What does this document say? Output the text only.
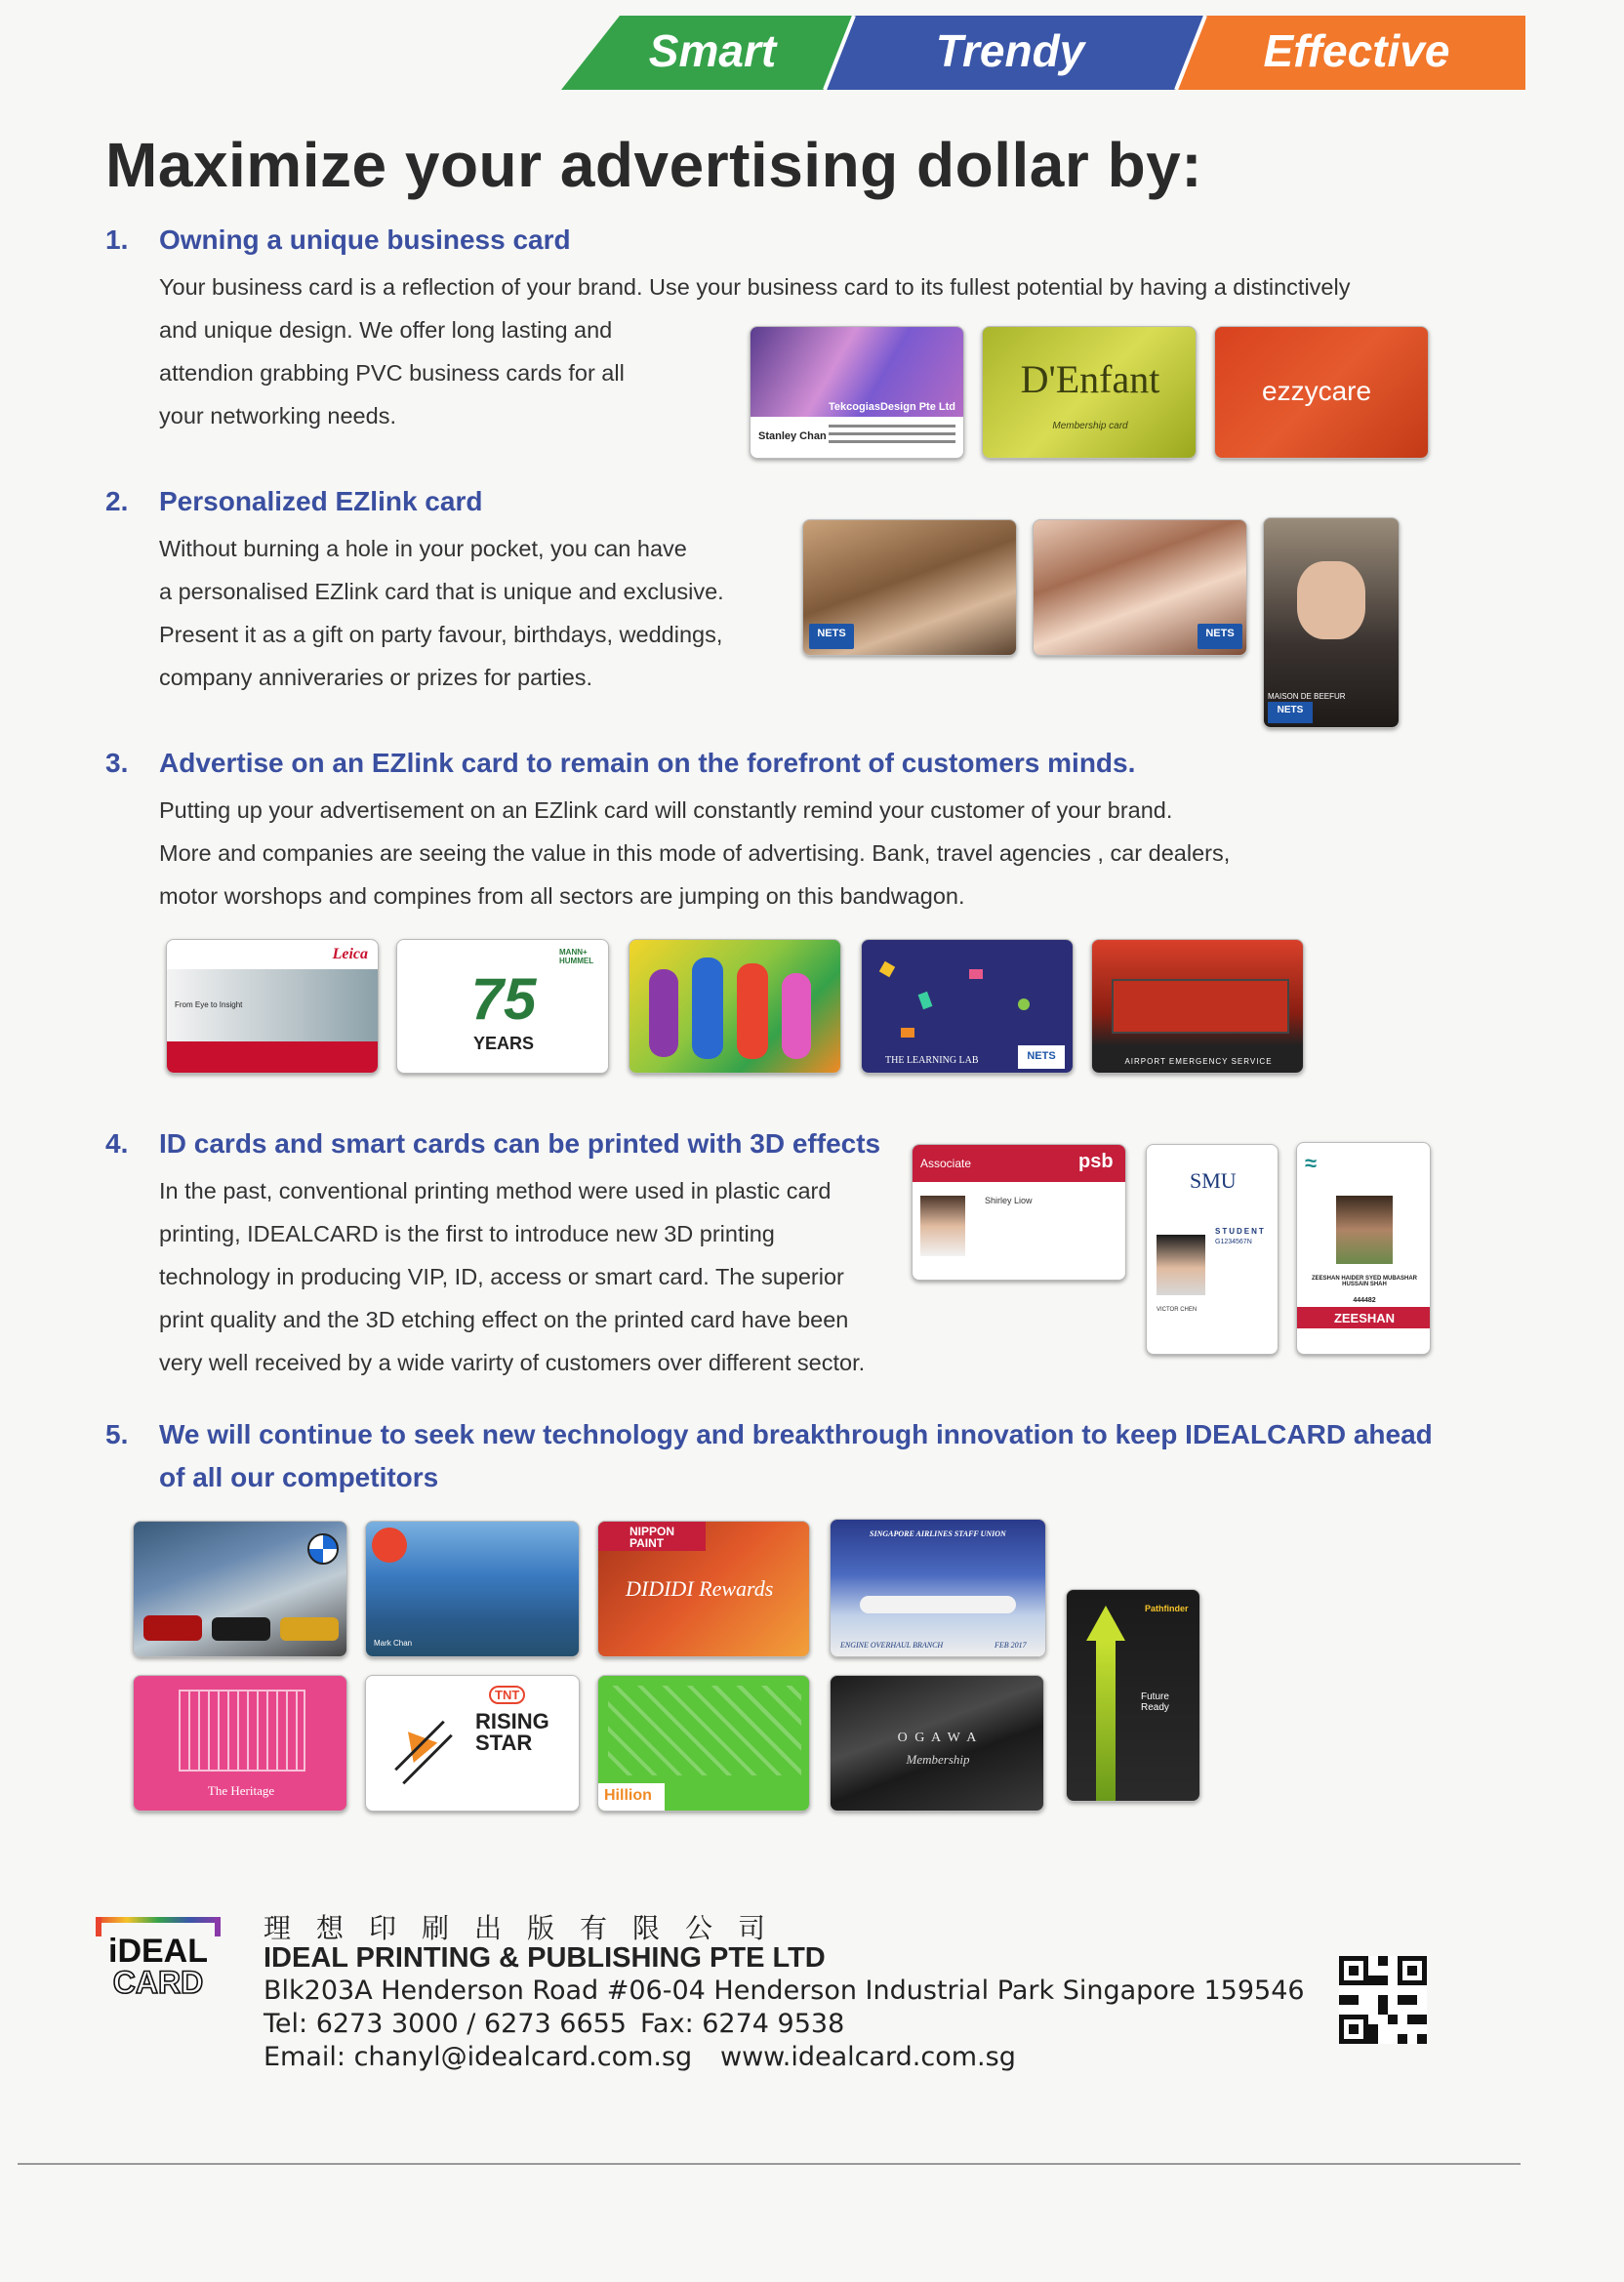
Smart	Trendy	Effective
Maximize your advertising dollar by:
1. Owning a unique business card

Your business card is a reflection of your brand. Use your business card to its fullest potential by having a distinctively

and unique design. We offer long lasting and

attendion grabbing PVC business cards for all

your networking needs.	TekcogiasDesign Pte Ltd
Stanley Chan
D'Enfant
Membership card
ezzycare
2. Personalized EZlink card

Without burning a hole in your pocket, you can have

a personalised EZlink card that is unique and exclusive.

Present it as a gift on party favour, birthdays, weddings,

company anniveraries or prizes for parties.

NETS	NETS
MAISON DE BEEFUR
NETS
3. Advertise on an EZlink card to remain on the forefront of customers minds.

Putting up your advertisement on an EZlink card will constantly remind your customer of your brand.

More and companies are seeing the value in this mode of advertising. Bank, travel agencies , car dealers,

motor worshops and compines from all sectors are jumping on this bandwagon.

Leica
From Eye to Insight
MANN+ HUMMEL
75
YEARS
THE LEARNING LAB	NETS	AIRPORT EMERGENCY SERVICE
4. ID cards and smart cards can be printed with 3D effects

In the past, conventional printing method were used in plastic card

printing, IDEALCARD is the first to introduce new 3D printing

technology in producing VIP, ID, access or smart card. The superior

print quality and the 3D etching effect on the printed card have been

very well received by a wide varirty of customers over different sector.

Associate	psb
Shirley Liow
SMU
STUDENT
G1234567N
VICTOR CHEN
≈
ZEESHAN HAIDER SYED MUBASHAR HUSSAIN SHAH
444482
ZEESHAN
5. We will continue to seek new technology and breakthrough innovation to keep IDEALCARD ahead
of all our competitors
Mark Chan
NIPPON PAINT
DIDIDI Rewards
SINGAPORE AIRLINES STAFF UNION
ENGINE OVERHAUL BRANCH	FEB 2017
Pathfinder
Future Ready
The Heritage
TNT
RISING STAR
Hillion
O G A W A
Membership
iDEAL
CARD
理想印刷出版有限公司
IDEAL PRINTING & PUBLISHING PTE LTD
Blk203A Henderson Road #06-04 Henderson Industrial Park Singapore 159546
Tel: 6273 3000 / 6273 6655 Fax: 6274 9538
Email: chanyl@idealcard.com.sg www.idealcard.com.sg
